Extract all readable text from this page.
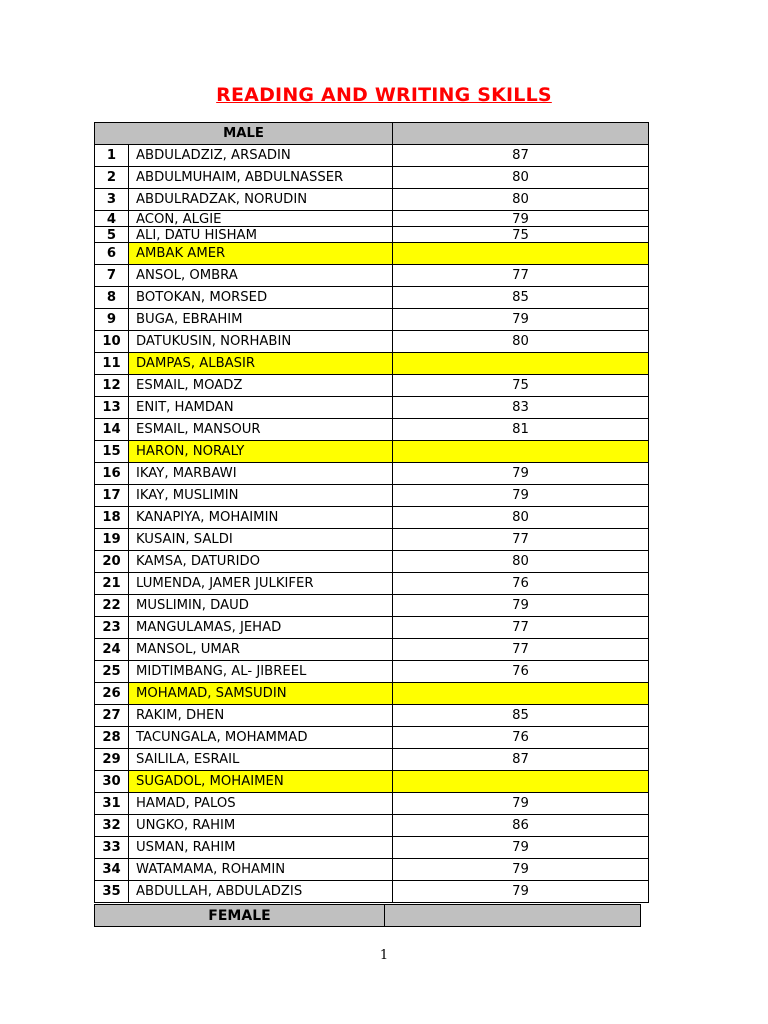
READING AND WRITING SKILLS
MALE		
1	ABDULADZIZ, ARSADIN	87
2	ABDULMUHAIM, ABDULNASSER	80
3	ABDULRADZAK, NORUDIN	80
4	ACON, ALGIE	79
5	ALI, DATU HISHAM	75
6	AMBAK AMER	
7	ANSOL, OMBRA	77
8	BOTOKAN, MORSED	85
9	BUGA, EBRAHIM	79
10	DATUKUSIN, NORHABIN	80
11	DAMPAS, ALBASIR	
12	ESMAIL, MOADZ	75
13	ENIT, HAMDAN	83
14	ESMAIL, MANSOUR	81
15	HARON, NORALY	
16	IKAY, MARBAWI	79
17	IKAY, MUSLIMIN	79
18	KANAPIYA, MOHAIMIN	80
19	KUSAIN, SALDI	77
20	KAMSA, DATURIDO	80
21	LUMENDA, JAMER JULKIFER	76
22	MUSLIMIN, DAUD	79
23	MANGULAMAS, JEHAD	77
24	MANSOL, UMAR	77
25	MIDTIMBANG, AL- JIBREEL	76
26	MOHAMAD, SAMSUDIN	
27	RAKIM, DHEN	85
28	TACUNGALA, MOHAMMAD	76
29	SAILILA, ESRAIL	87
30	SUGADOL, MOHAIMEN	
31	HAMAD, PALOS	79
32	UNGKO, RAHIM	86
33	USMAN, RAHIM	79
34	WATAMAMA, ROHAMIN	79
35	ABDULLAH, ABDULADZIS	79
FEMALE	
1
